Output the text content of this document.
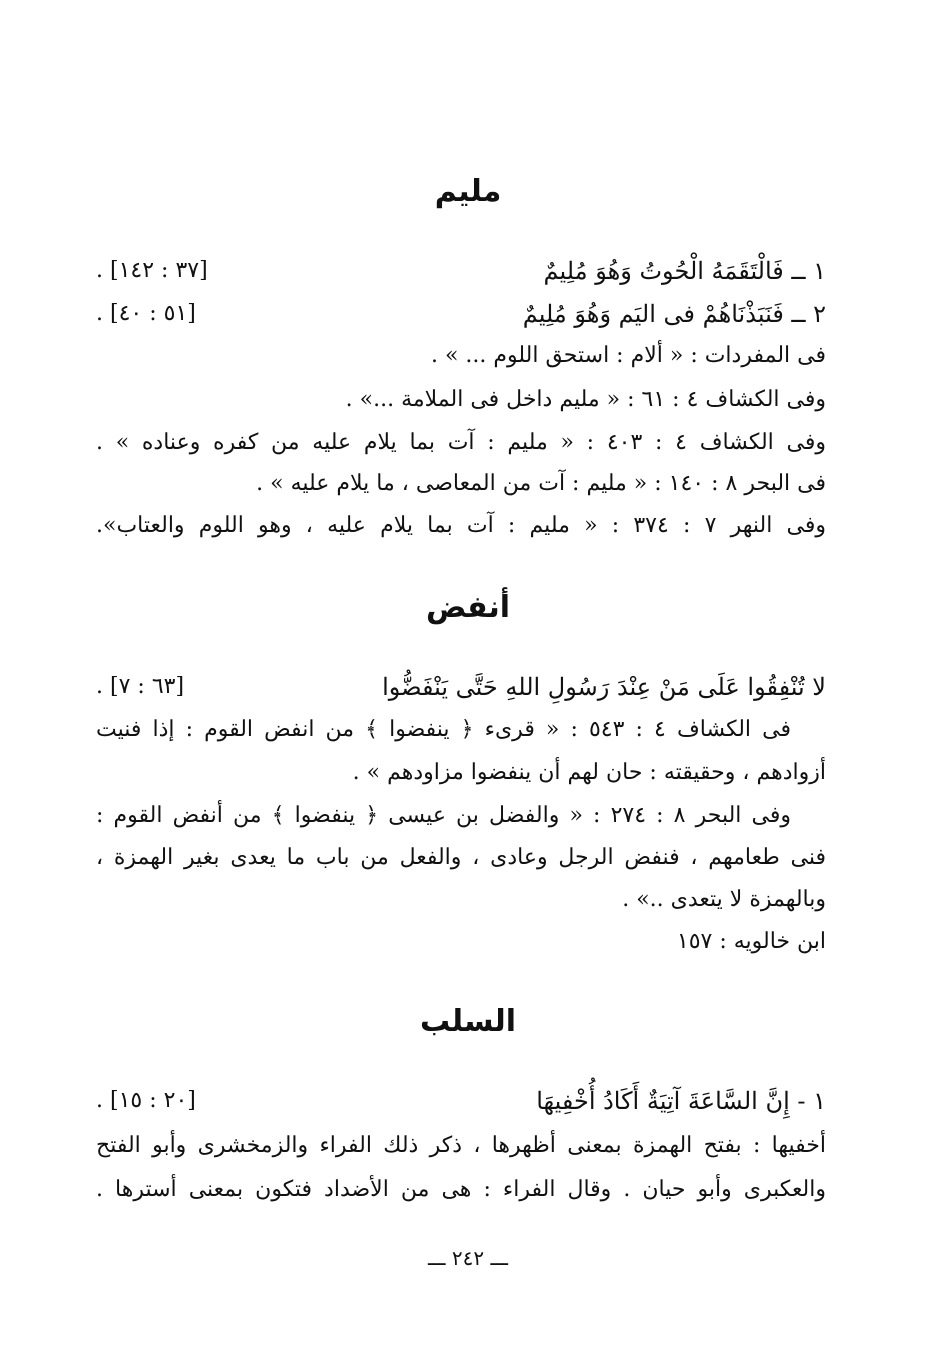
مليم
١ ــ فَالْتَقَمَهُ الْحُوتُ وَهُوَ مُلِيمٌ
[٣٧ : ١٤٢] .
٢ ــ فَنَبَذْنَاهُمْ فى اليَم وَهُوَ مُلِيمٌ
[٥١ : ٤٠] .
فى المفردات : « ألام : استحق اللوم ... » .
وفى الكشاف ٤ : ٦١ : « مليم داخل فى الملامة ...» .
وفى الكشاف ٤ : ٤٠٣ : « مليم : آت بما يلام عليه من كفره وعناده » .
فى البحر ٨ : ١٤٠ : « مليم : آت من المعاصى ، ما يلام عليه » .
وفى النهر ٧ : ٣٧٤ : « مليم : آت بما يلام عليه ، وهو اللوم والعتاب».
أنفض
لا تُنْفِقُوا عَلَى مَنْ عِنْدَ رَسُولِ اللهِ حَتَّى يَنْفَضُّوا
[٦٣ : ٧] .
فى الكشاف ٤ : ٥٤٣ : « قرىء ﴿ ينفضوا ﴾ من انفض القوم : إذا فنيت
أزوادهم ، وحقيقته : حان لهم أن ينفضوا مزاودهم » .
وفى البحر ٨ : ٢٧٤ : « والفضل بن عيسى ﴿ ينفضوا ﴾ من أنفض القوم :
فنى طعامهم ، فنفض الرجل وعادى ، والفعل من باب ما يعدى بغير الهمزة ،
وبالهمزة لا يتعدى ..» .
ابن خالويه : ١٥٧
السلب
١ - إِنَّ السَّاعَةَ آتِيَةٌ أَكَادُ أُخْفِيهَا
[٢٠ : ١٥] .
أخفيها : بفتح الهمزة بمعنى أظهرها ، ذكر ذلك الفراء والزمخشرى وأبو الفتح
والعكبرى وأبو حيان . وقال الفراء : هى من الأضداد فتكون بمعنى أسترها .
ـــ ٢٤٢ ـــ
